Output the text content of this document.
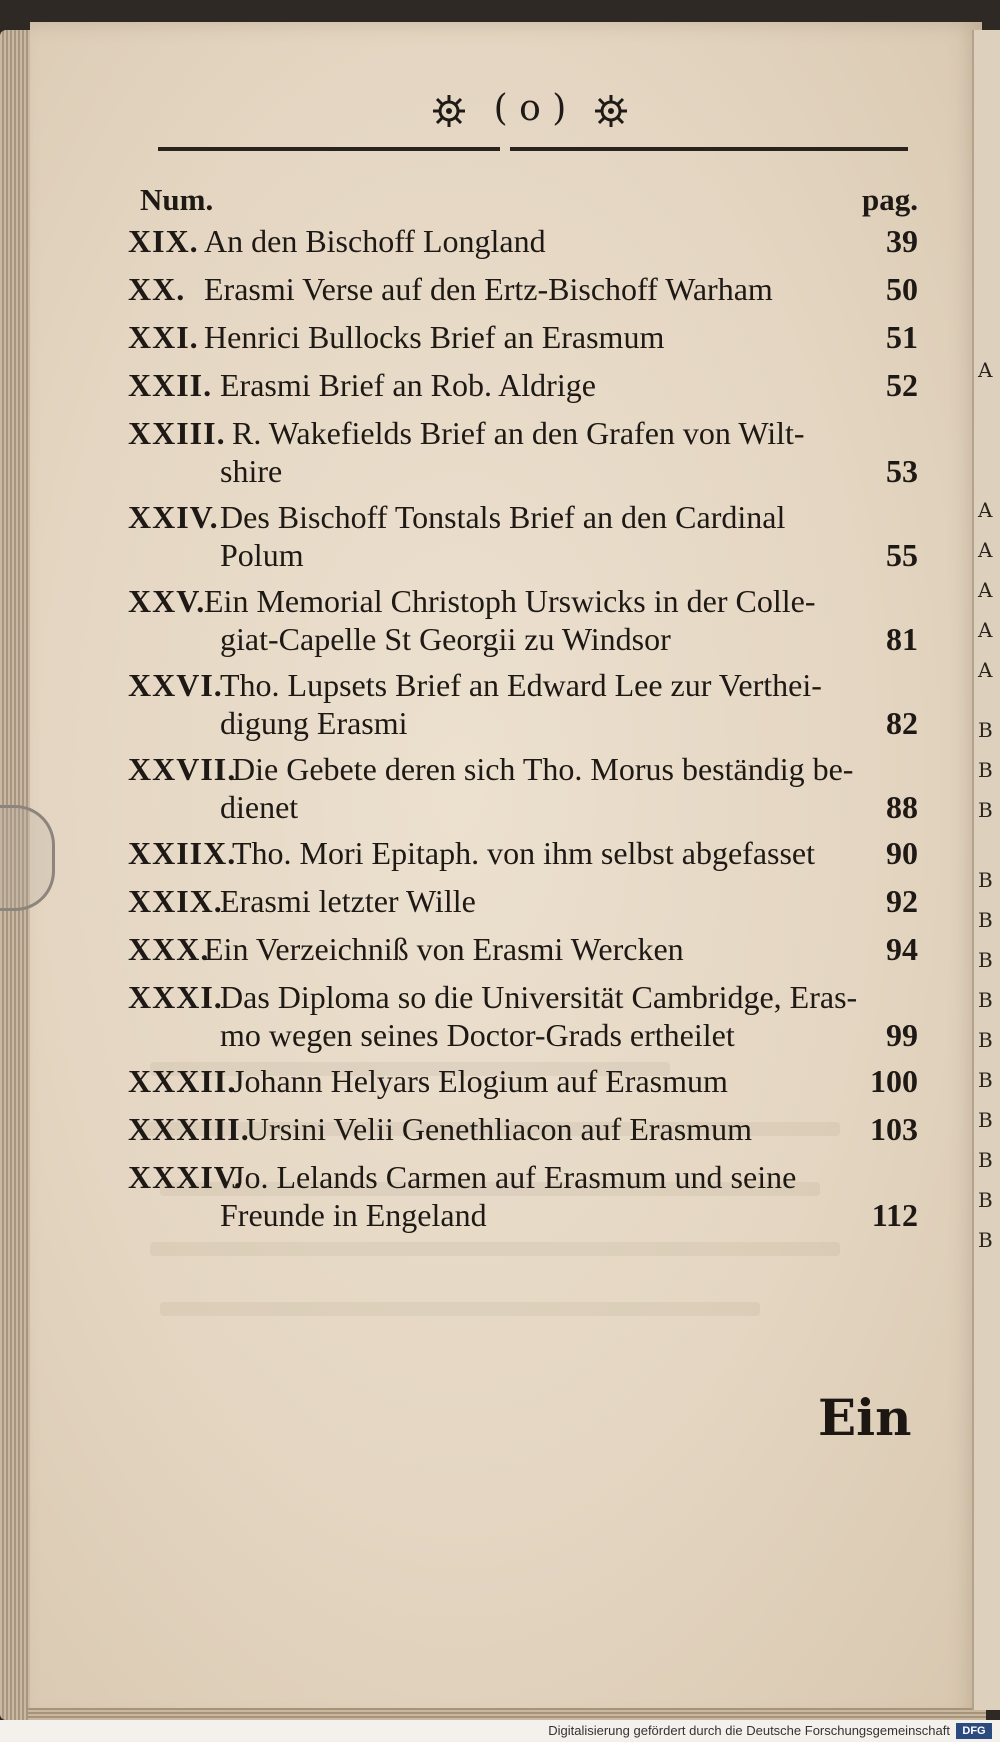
A
A
A
A
A
A
B
B
B
B
B
B
B
B
B
B
B
B
B
( o )
Num.	pag.
XIX. An den Bischoff Longland	39
XX. Erasmi Verse auf den Ertz-Bischoff Warham	50
XXI. Henrici Bullocks Brief an Erasmum	51
XXII. Erasmi Brief an Rob. Aldrige	52
XXIII. R. Wakefields Brief an den Grafen von Wilt-
shire	53
XXIV. Des Bischoff Tonstals Brief an den Cardinal
Polum	55
XXV.
Ein Memorial Christoph Urswicks in der Colle-
giat-Capelle St Georgii zu Windsor	81
XXVI.
Tho. Lupsets Brief an Edward Lee zur Verthei-
digung Erasmi	82
XXVII.
Die Gebete deren sich Tho. Morus beständig be-
dienet	88
XXIIX.
Tho. Mori Epitaph. von ihm selbst abgefasset	90
XXIX.
Erasmi letzter Wille	92
XXX.
Ein Verzeichniß von Erasmi Wercken	94
XXXI.
Das Diploma so die Universität Cambridge, Eras-
mo wegen seines Doctor-Grads ertheilet	99
XXXII.
Johann Helyars Elogium auf Erasmum	100
XXXIII.
Ursini Velii Genethliacon auf Erasmum	103
XXXIV.
Jo. Lelands Carmen auf Erasmum und seine
Freunde in Engeland	112
Ein
Digitalisierung gefördert durch die Deutsche Forschungsgemeinschaft	DFG
